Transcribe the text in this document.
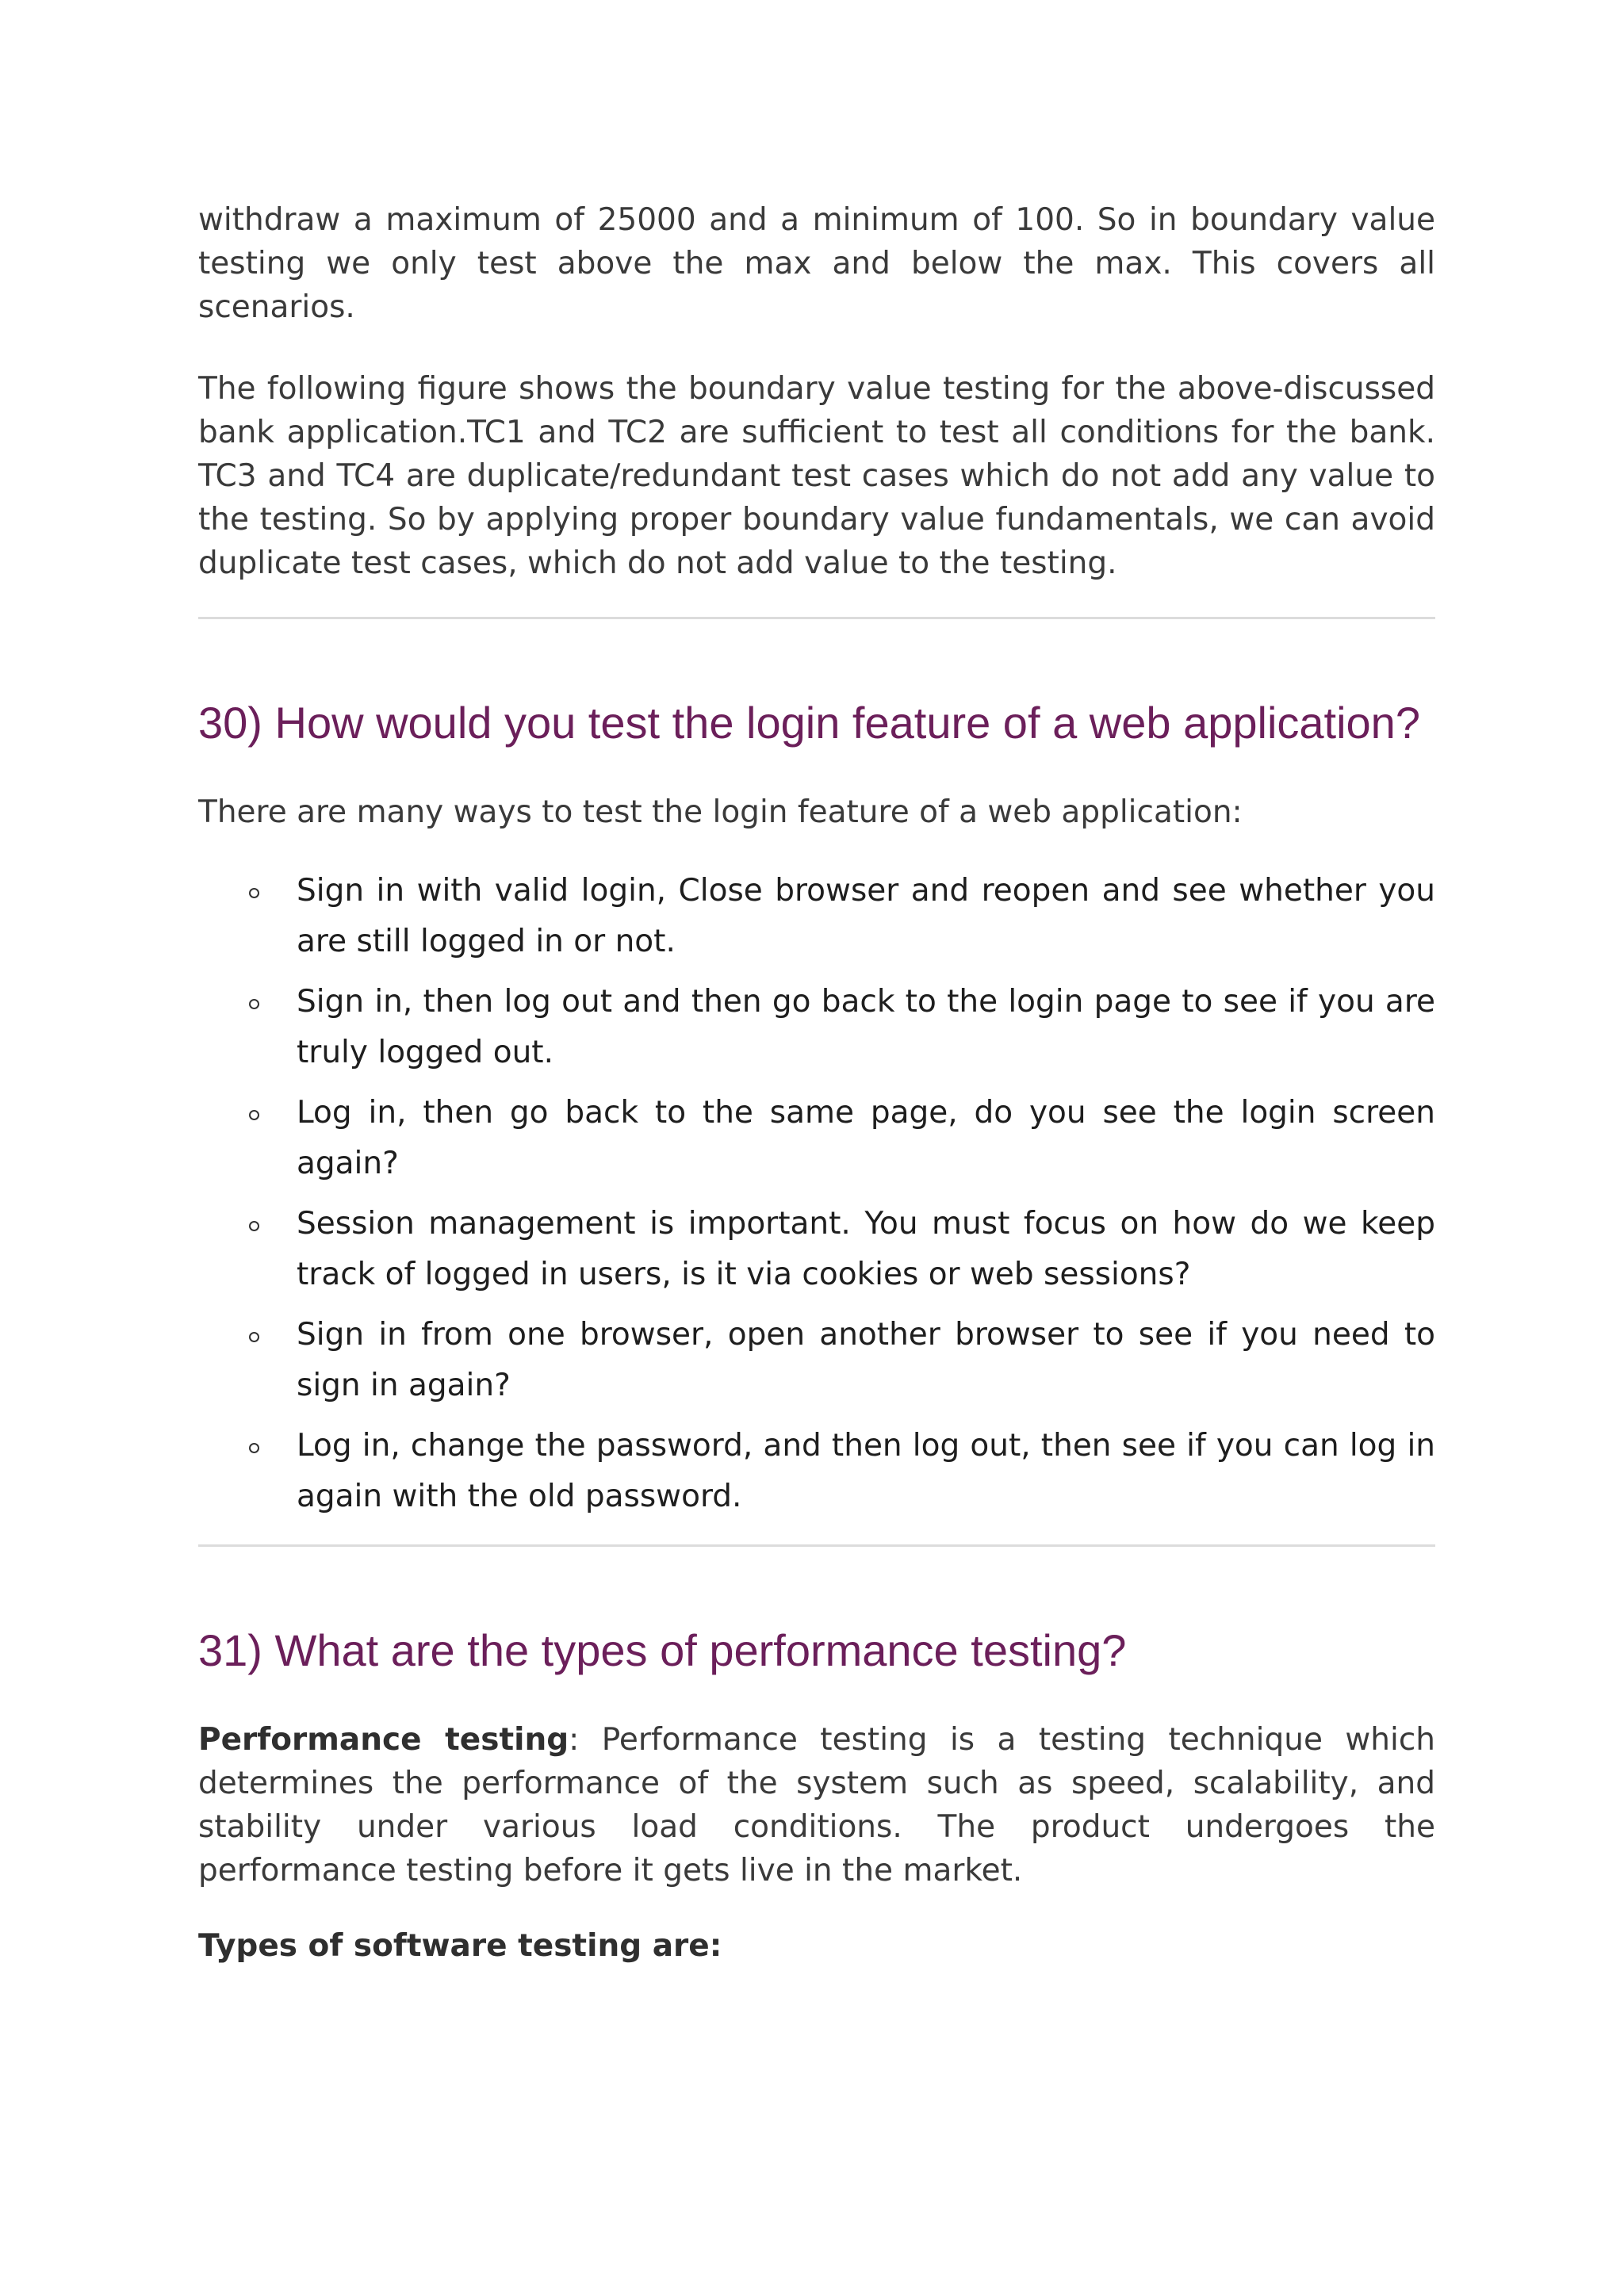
withdraw a maximum of 25000 and a minimum of 100. So in boundary value testing we only test above the max and below the max. This covers all scenarios.

The following figure shows the boundary value testing for the above-discussed bank application.TC1 and TC2 are sufficient to test all conditions for the bank. TC3 and TC4 are duplicate/redundant test cases which do not add any value to the testing. So by applying proper boundary value fundamentals, we can avoid duplicate test cases, which do not add value to the testing.

30) How would you test the login feature of a web application?

There are many ways to test the login feature of a web application:

Sign in with valid login, Close browser and reopen and see whether you are still logged in or not.
Sign in, then log out and then go back to the login page to see if you are truly logged out.
Log in, then go back to the same page, do you see the login screen again?
Session management is important. You must focus on how do we keep track of logged in users, is it via cookies or web sessions?
Sign in from one browser, open another browser to see if you need to sign in again?
Log in, change the password, and then log out, then see if you can log in again with the old password.
31) What are the types of performance testing?

Performance testing: Performance testing is a testing technique which determines the performance of the system such as speed, scalability, and stability under various load conditions. The product undergoes the performance testing before it gets live in the market.

Types of software testing are:
